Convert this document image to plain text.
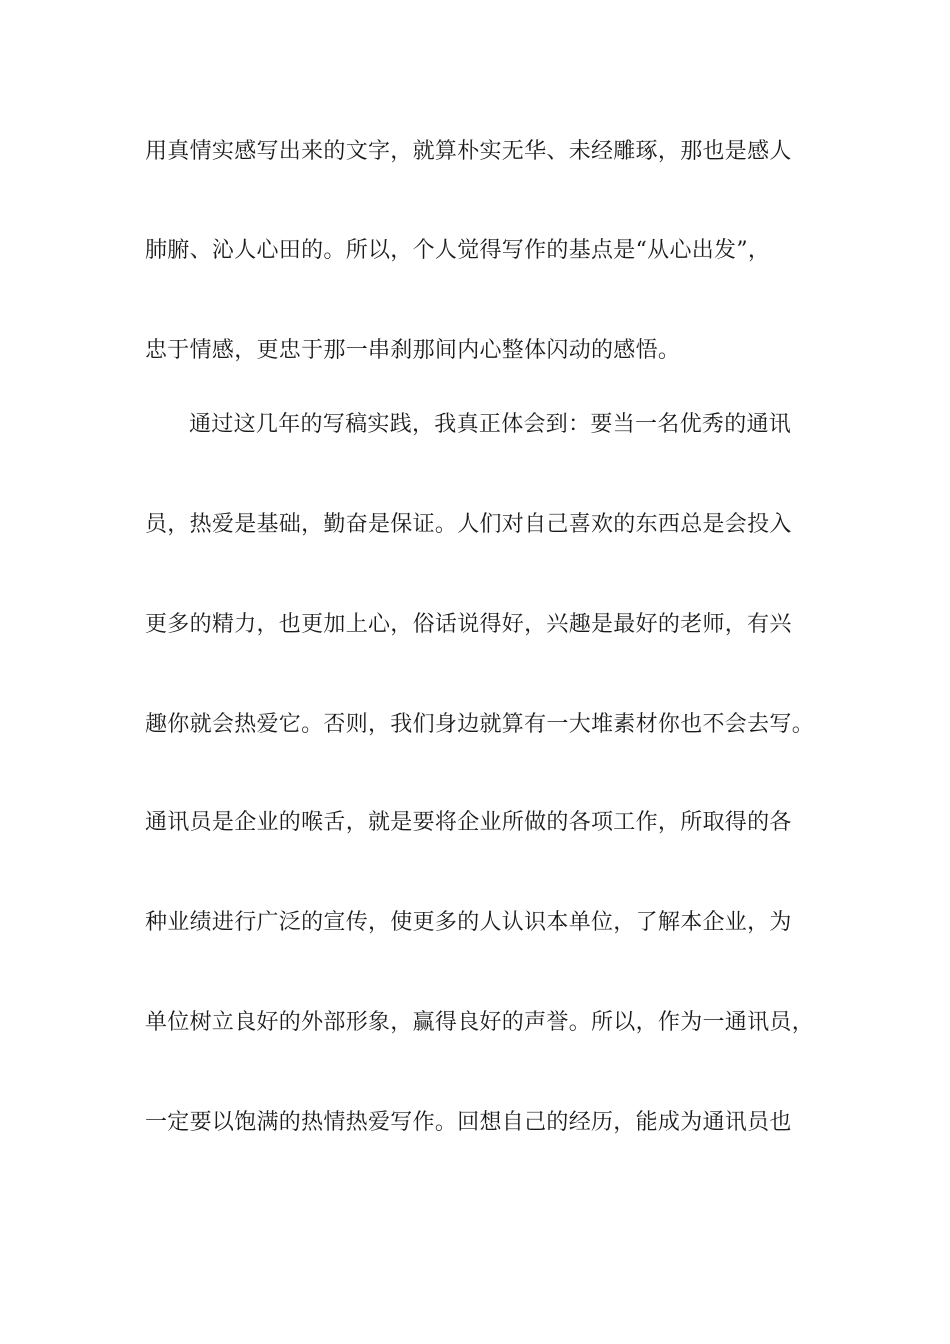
用真情实感写出来的文字，就算朴实无华、未经雕琢，那也是感人

肺腑、沁人心田的。所以，个人觉得写作的基点是“从心出发”，

忠于情感，更忠于那一串刹那间内心整体闪动的感悟。

通过这几年的写稿实践，我真正体会到：要当一名优秀的通讯

员，热爱是基础，勤奋是保证。人们对自己喜欢的东西总是会投入

更多的精力，也更加上心，俗话说得好，兴趣是最好的老师，有兴

趣你就会热爱它。否则，我们身边就算有一大堆素材你也不会去写。

通讯员是企业的喉舌，就是要将企业所做的各项工作，所取得的各

种业绩进行广泛的宣传，使更多的人认识本单位，了解本企业，为

单位树立良好的外部形象，赢得良好的声誉。所以，作为一通讯员，

一定要以饱满的热情热爱写作。回想自己的经历，能成为通讯员也
